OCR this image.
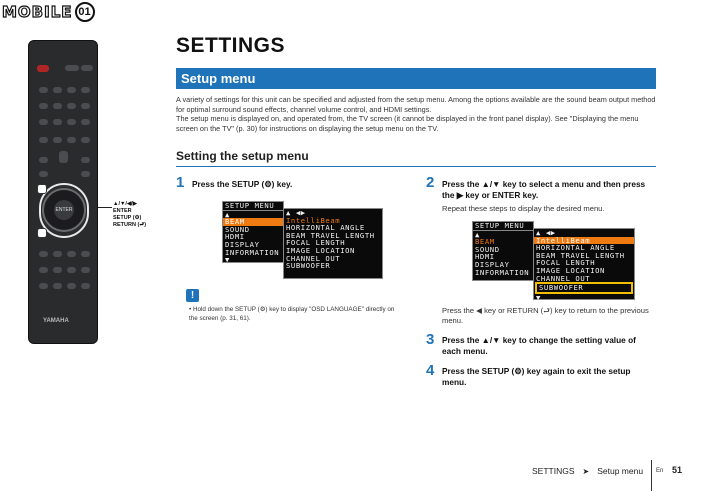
MOBILE 01
ENTER
YAMAHA
▲/▼/◀/▶
ENTER
SETUP (⚙)
RETURN (⮐)
SETTINGS
Setup menu

A variety of settings for this unit can be specified and adjusted from the setup menu. Among the options available are the sound beam output method for optimal surround sound effects, channel volume control, and HDMI settings.

The setup menu is displayed on, and operated from, the TV screen (it cannot be displayed in the front panel display). See "Displaying the menu screen on the TV" (p. 30) for instructions on displaying the setup menu on the TV.

Setting the setup menu
1 Press the SETUP (⚙) key.
SETUP MENU
▲
BEAM
SOUND
HDMI
DISPLAY
INFORMATION
▼
▲ ◀▶
IntelliBeam
HORIZONTAL ANGLE
BEAM TRAVEL LENGTH
FOCAL LENGTH
IMAGE LOCATION
CHANNEL OUT
SUBWOOFER
!
• Hold down the SETUP (⚙) key to display "OSD LANGUAGE" directly on the screen (p. 31, 61).
2 Press the ▲/▼ key to select a menu and then press the ▶ key or ENTER key.
Repeat these steps to display the desired menu.
SETUP MENU
▲
BEAM
SOUND
HDMI
DISPLAY
INFORMATION
▲ ◀▶
IntelliBeam
HORIZONTAL ANGLE
BEAM TRAVEL LENGTH
FOCAL LENGTH
IMAGE LOCATION
CHANNEL OUT
SUBWOOFER
▼
Press the ◀ key or RETURN (⮐) key to return to the previous menu.
3 Press the ▲/▼ key to change the setting value of each menu.
4 Press the SETUP (⚙) key again to exit the setup menu.
SETTINGS ➤ Setup menu En 51
